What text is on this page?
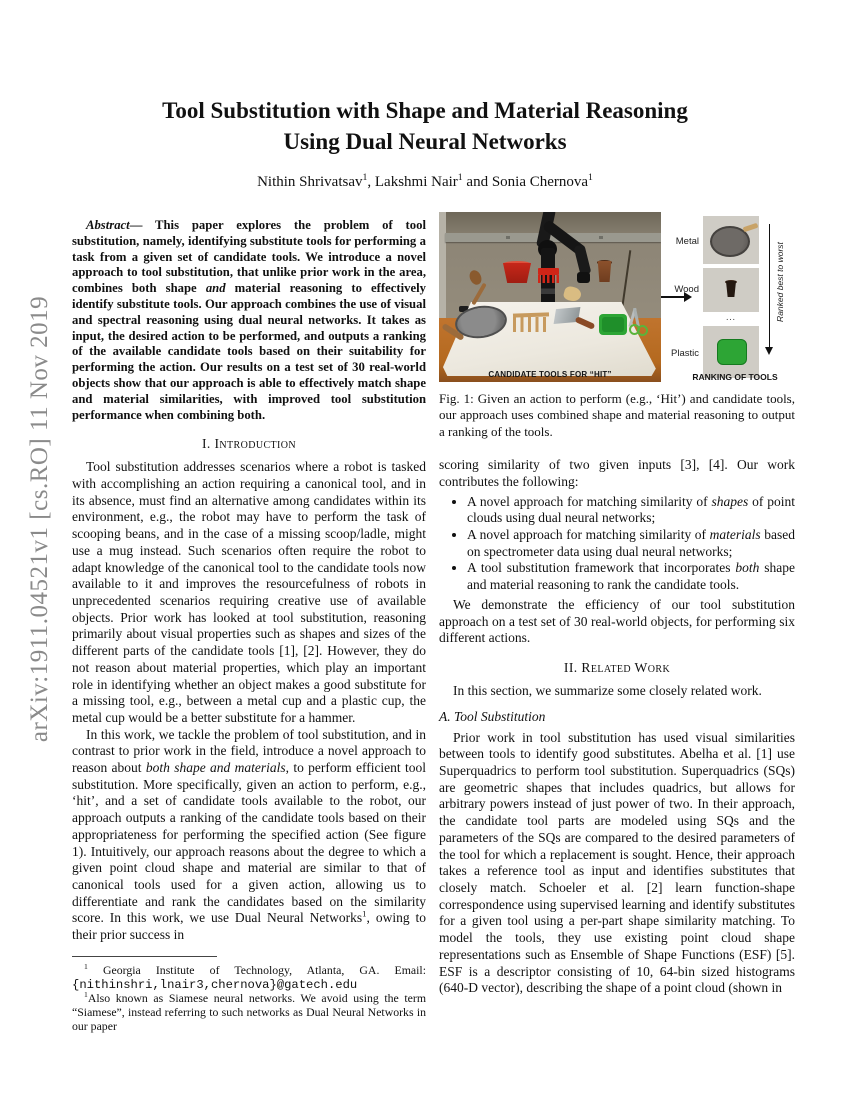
arXiv:1911.04521v1 [cs.RO] 11 Nov 2019
Tool Substitution with Shape and Material Reasoning
Using Dual Neural Networks
Nithin Shrivatsav$^1$, Lakshmi Nair$^1$ and Sonia Chernova$^1$

Abstract— This paper explores the problem of tool substitution, namely, identifying substitute tools for performing a task from a given set of candidate tools. We introduce a novel approach to tool substitution, that unlike prior work in the area, combines both shape and material reasoning to effectively identify substitute tools. Our approach combines the use of visual and spectral reasoning using dual neural networks. It takes as input, the desired action to be performed, and outputs a ranking of the available candidate tools based on their suitability for performing the action. Our results on a test set of 30 real-world objects show that our approach is able to effectively match shape and material similarities, with improved tool substitution performance when combining both.

I. Introduction

Tool substitution addresses scenarios where a robot is tasked with accomplishing an action requiring a canonical tool, and in its absence, must find an alternative among candidates within its environment, e.g., the robot may have to perform the task of scooping beans, and in the case of a missing scoop/ladle, might use a mug instead. Such scenarios often require the robot to adapt knowledge of the canonical tool to the candidate tools now available to it and improves the resourcefulness of robots in unprecedented scenarios requiring creative use of available objects. Prior work has looked at tool substitution, reasoning primarily about visual properties such as shapes and sizes of the different parts of the candidate tools [1], [2]. However, they do not reason about material properties, which play an important role in identifying whether an object makes a good substitute for a missing tool, e.g., between a metal cup and a plastic cup, the metal cup would be a better substitute for a hammer.

In this work, we tackle the problem of tool substitution, and in contrast to prior work in the field, introduce a novel approach to reason about both shape and materials, to perform efficient tool substitution. More specifically, given an action to perform, e.g., ‘hit’, and a set of candidate tools available to the robot, our approach outputs a ranking of the candidate tools based on their appropriateness for performing the specified action (See figure 1). Intuitively, our approach reasons about the degree to which a given point cloud shape and material are similar to that of canonical tools used for a given action, allowing us to differentiate and rank the candidates based on the similarity score. In this work, we use Dual Neural Networks$^1$, owing to their prior success in

$^1$ Georgia Institute of Technology, Atlanta, GA. Email: {nithinshri,lnair3,chernova}@gatech.edu
$^1$Also known as Siamese neural networks. We avoid using the term “Siamese”, instead referring to such networks as Dual Neural Networks in our paper
CANDIDATE TOOLS FOR “HIT”
Metal
Wood
...
Plastic
Ranked best to worst
RANKING OF TOOLS
Fig. 1: Given an action to perform (e.g., ‘Hit’) and candidate tools, our approach uses combined shape and material reasoning to output a ranking of the tools.

scoring similarity of two given inputs [3], [4]. Our work contributes the following:

• A novel approach for matching similarity of shapes of point clouds using dual neural networks;
• A novel approach for matching similarity of materials based on spectrometer data using dual neural networks;
• A tool substitution framework that incorporates both shape and material reasoning to rank the candidate tools.

We demonstrate the efficiency of our tool substitution approach on a test set of 30 real-world objects, for performing six different actions.

II. Related Work

In this section, we summarize some closely related work.

A. Tool Substitution

Prior work in tool substitution has used visual similarities between tools to identify good substitutes. Abelha et al. [1] use Superquadrics to perform tool substitution. Superquadrics (SQs) are geometric shapes that includes quadrics, but allows for arbitrary powers instead of just power of two. In their approach, the candidate tool parts are modeled using SQs and the parameters of the SQs are compared to the desired parameters of the tool for which a replacement is sought. Hence, their approach takes a reference tool as input and identifies substitutes that closely match. Schoeler et al. [2] learn function-shape correspondence using supervised learning and identify substitutes for a given tool using a per-part shape similarity matching. To model the tools, they use existing point cloud shape representations such as Ensemble of Shape Functions (ESF) [5]. ESF is a descriptor consisting of 10, 64-bin sized histograms (640-D vector), describing the shape of a point cloud (shown in
